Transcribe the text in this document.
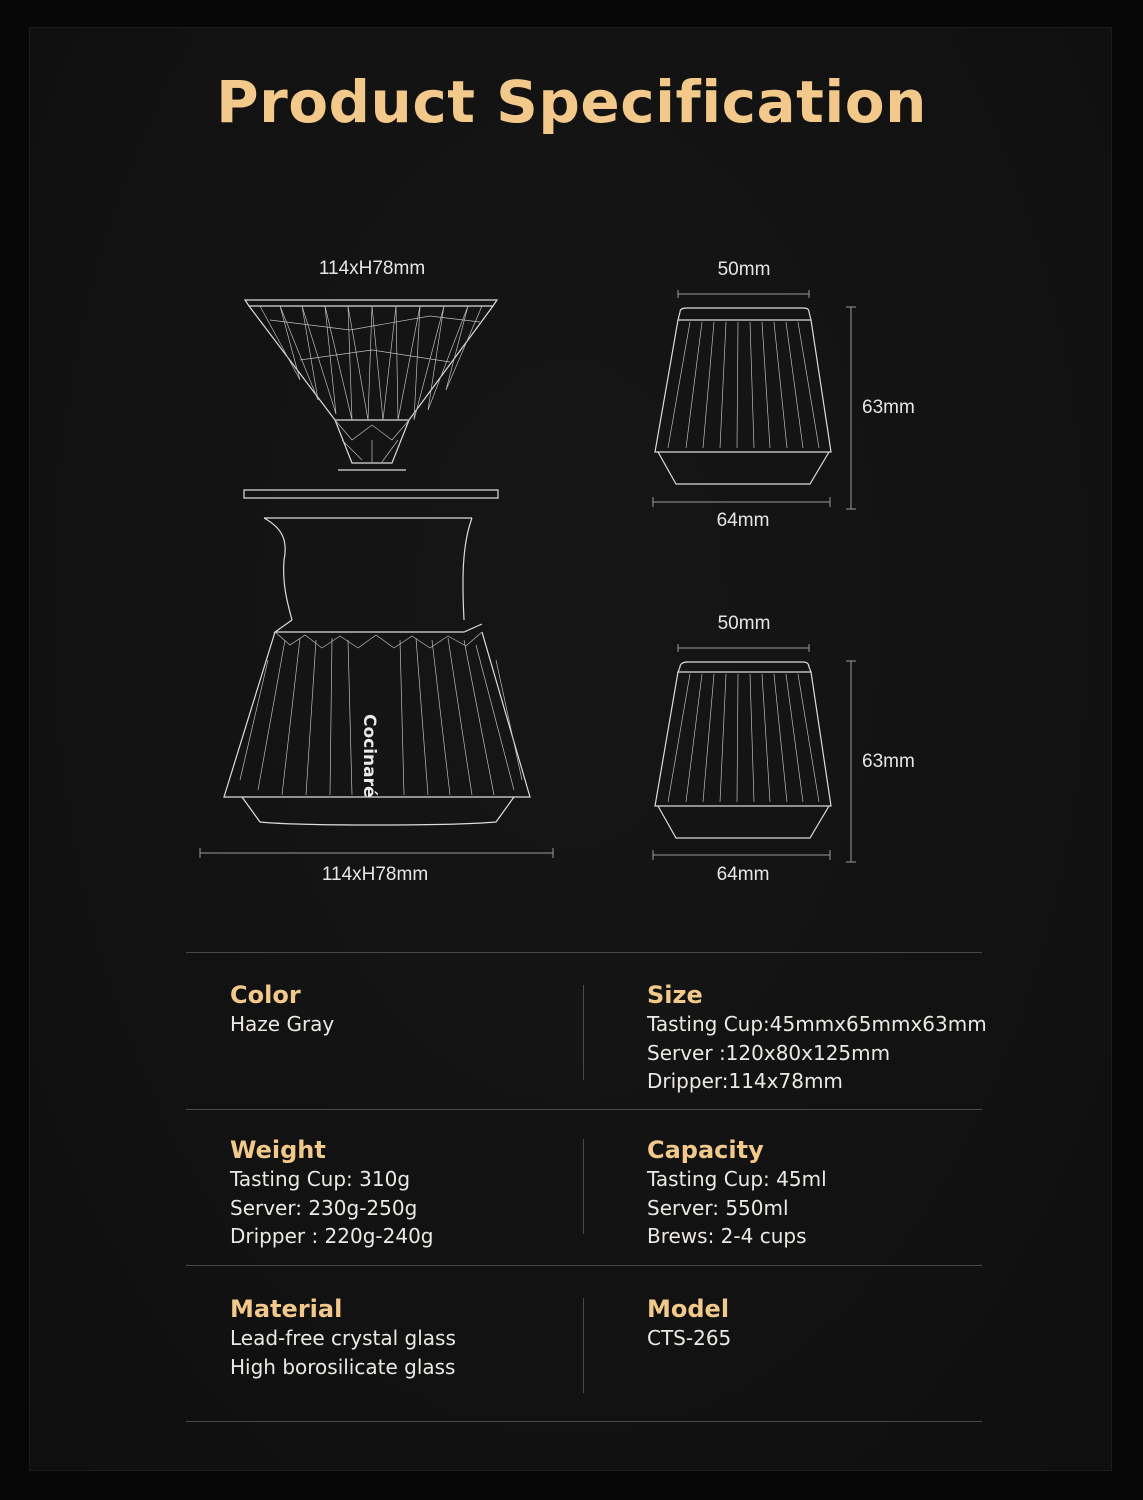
Product Specification
Cocinaré
114xH78mm
114xH78mm
50mm
63mm
64mm
50mm
63mm
64mm
Color
Haze Gray
Size
Tasting Cup:45mmx65mmx63mm
Server :120x80x125mm
Dripper:114x78mm
Weight
Tasting Cup: 310g
Server: 230g-250g
Dripper : 220g-240g
Capacity
Tasting Cup: 45ml
Server: 550ml
Brews: 2-4 cups
Material
Lead-free crystal glass
High borosilicate glass
Model
CTS-265
